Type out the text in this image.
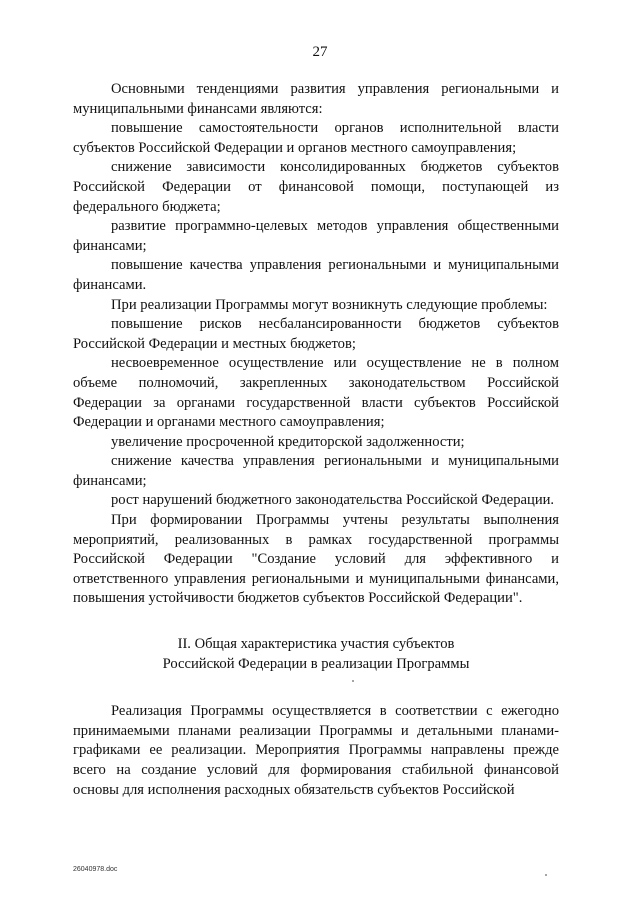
27

Основными тенденциями развития управления региональными и муниципальными финансами являются:

повышение самостоятельности органов исполнительной власти субъектов Российской Федерации и органов местного самоуправления;

снижение зависимости консолидированных бюджетов субъектов Российской Федерации от финансовой помощи, поступающей из федерального бюджета;

развитие программно-целевых методов управления общественными финансами;

повышение качества управления региональными и муниципальными финансами.

При реализации Программы могут возникнуть следующие проблемы:

повышение рисков несбалансированности бюджетов субъектов Российской Федерации и местных бюджетов;

несвоевременное осуществление или осуществление не в полном объеме полномочий, закрепленных законодательством Российской Федерации за органами государственной власти субъектов Российской Федерации и органами местного самоуправления;

увеличение просроченной кредиторской задолженности;

снижение качества управления региональными и муниципальными финансами;

рост нарушений бюджетного законодательства Российской Федерации.

При формировании Программы учтены результаты выполнения мероприятий, реализованных в рамках государственной программы Российской Федерации "Создание условий для эффективного и ответственного управления региональными и муниципальными финансами, повышения устойчивости бюджетов субъектов Российской Федерации".

II. Общая характеристика участия субъектов
Российской Федерации в реализации Программы

Реализация Программы осуществляется в соответствии с ежегодно принимаемыми планами реализации Программы и детальными планами-графиками ее реализации. Мероприятия Программы направлены прежде всего на создание условий для формирования стабильной финансовой основы для исполнения расходных обязательств субъектов Российской

26040978.doc
